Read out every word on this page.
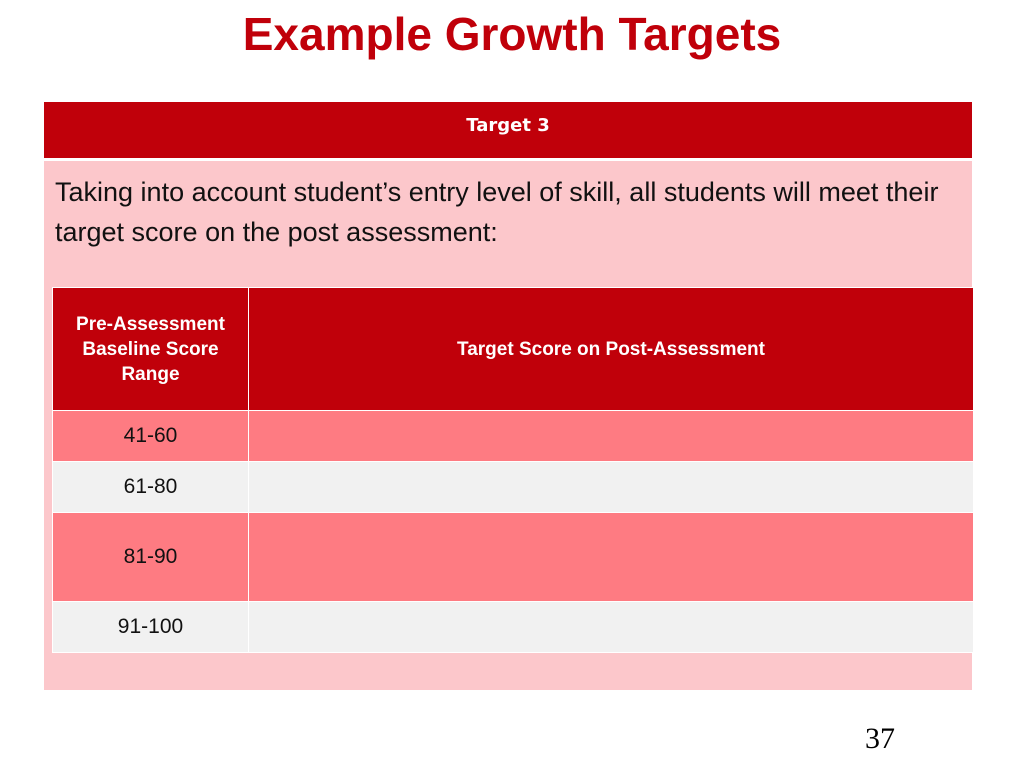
Example Growth Targets
Target 3
Taking into account student’s entry level of skill, all students will meet their target score on the post assessment:
Pre-Assessment Baseline Score Range	Target Score on Post-Assessment
41-60	
61-80	
81-90	
91-100	
37
